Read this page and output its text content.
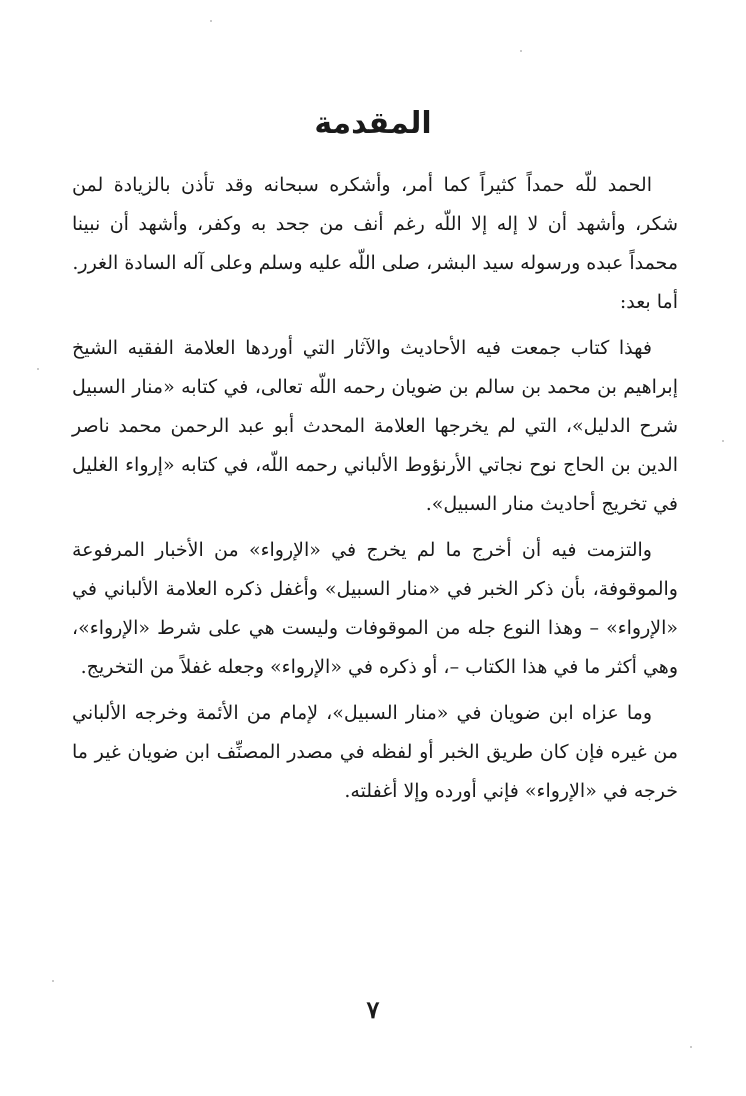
المقدمة

الحمد للّه حمداً كثيراً كما أمر، وأشكره سبحانه وقد تأذن بالزيادة لمن شكر، وأشهد أن لا إله إلا اللّه رغم أنف من جحد به وكفر، وأشهد أن نبينا محمداً عبده ورسوله سيد البشر، صلى اللّه عليه وسلم وعلى آله السادة الغرر.

أما بعد:

فهذا كتاب جمعت فيه الأحاديث والآثار التي أوردها العلامة الفقيه الشيخ إبراهيم بن محمد بن سالم بن ضويان رحمه اللّه تعالى، في كتابه «منار السبيل شرح الدليل»، التي لم يخرجها العلامة المحدث أبو عبد الرحمن محمد ناصر الدين بن الحاج نوح نجاتي الأرنؤوط الألباني رحمه اللّه، في كتابه «إرواء الغليل في تخريج أحاديث منار السبيل».

والتزمت فيه أن أخرج ما لم يخرج في «الإرواء» من الأخبار المرفوعة والموقوفة، بأن ذكر الخبر في «منار السبيل» وأغفل ذكره العلامة الألباني في «الإرواء» – وهذا النوع جله من الموقوفات وليست هي على شرط «الإرواء»، وهي أكثر ما في هذا الكتاب –، أو ذكره في «الإرواء» وجعله غفلاً من التخريج.

وما عزاه ابن ضويان في «منار السبيل»، لإمام من الأئمة وخرجه الألباني من غيره فإن كان طريق الخبر أو لفظه في مصدر المصنِّف ابن ضويان غير ما خرجه في «الإرواء» فإني أورده وإلا أغفلته.

٧
